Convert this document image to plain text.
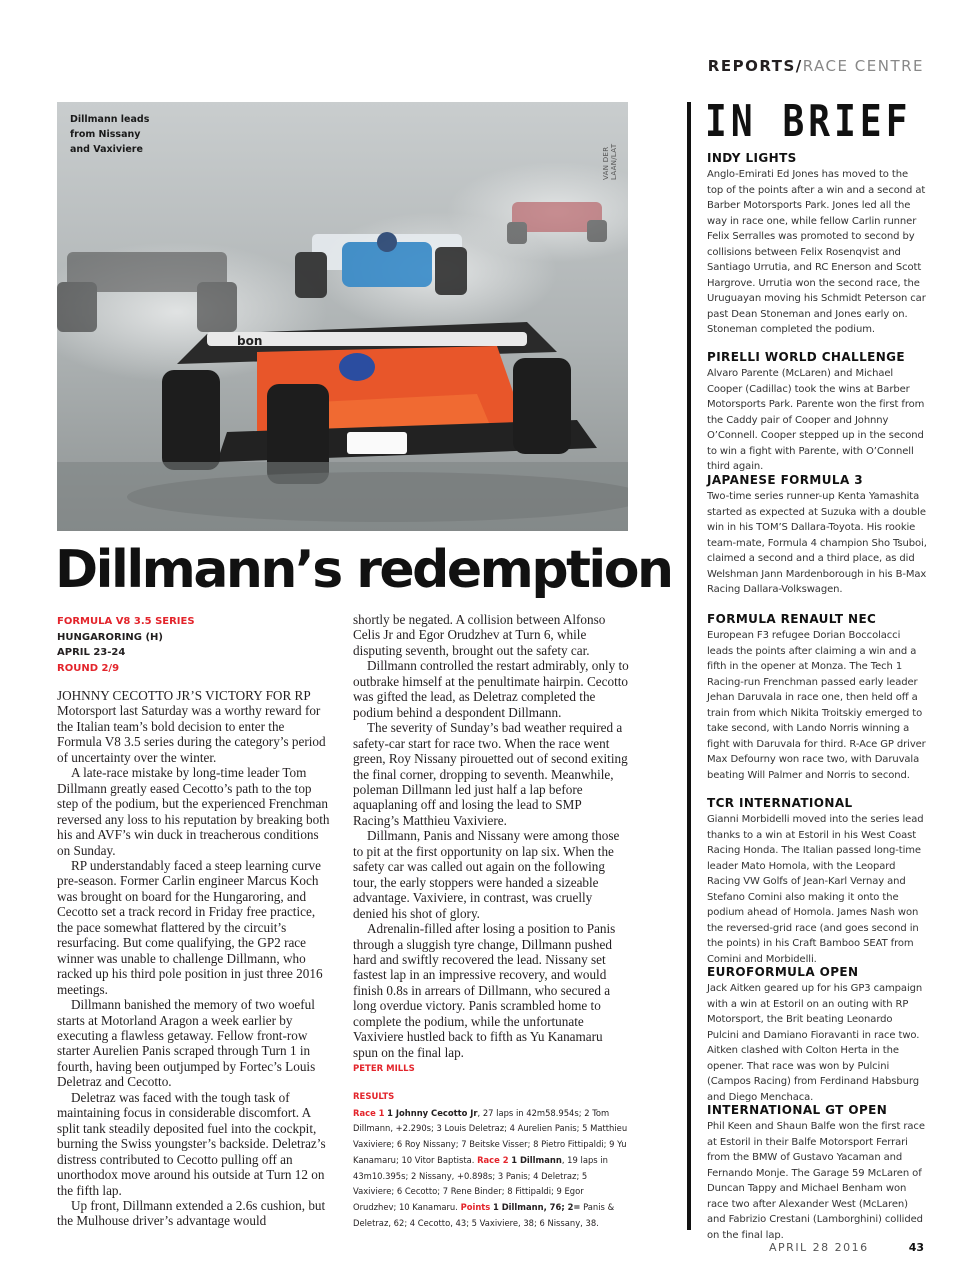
REPORTS/RACE CENTRE
bon
Dillmann leads from Nissany and Vaxiviere	VAN DER LAAN/LAT
Dillmann’s redemption
FORMULA V8 3.5 SERIES
HUNGARORING (H)
APRIL 23-24
ROUND 2/9

JOHNNY CECOTTO JR’S VICTORY FOR RP Motorsport last Saturday was a worthy reward for the Italian team’s bold decision to enter the Formula V8 3.5 series during the category’s period of uncertainty over the winter.

A late-race mistake by long-time leader Tom Dillmann greatly eased Cecotto’s path to the top step of the podium, but the experienced Frenchman reversed any loss to his reputation by breaking both his and AVF’s win duck in treacherous conditions on Sunday.

RP understandably faced a steep learning curve pre-season. Former Carlin engineer Marcus Koch was brought on board for the Hungaroring, and Cecotto set a track record in Friday free practice, the pace somewhat flattered by the circuit’s resurfacing. But come qualifying, the GP2 race winner was unable to challenge Dillmann, who racked up his third pole position in just three 2016 meetings.

Dillmann banished the memory of two woeful starts at Motorland Aragon a week earlier by executing a flawless getaway. Fellow front-row starter Aurelien Panis scraped through Turn 1 in fourth, having been outjumped by Fortec’s Louis Deletraz and Cecotto.

Deletraz was faced with the tough task of maintaining focus in considerable discomfort. A split tank steadily deposited fuel into the cockpit, burning the Swiss youngster’s backside. Deletraz’s distress contributed to Cecotto pulling off an unorthodox move around his outside at Turn 12 on the fifth lap.

Up front, Dillmann extended a 2.6s cushion, but the Mulhouse driver’s advantage would

shortly be negated. A collision between Alfonso Celis Jr and Egor Orudzhev at Turn 6, while disputing seventh, brought out the safety car.

Dillmann controlled the restart admirably, only to outbrake himself at the penultimate hairpin. Cecotto was gifted the lead, as Deletraz completed the podium behind a despondent Dillmann.

The severity of Sunday’s bad weather required a safety-car start for race two. When the race went green, Roy Nissany pirouetted out of second exiting the final corner, dropping to seventh. Meanwhile, poleman Dillmann led just half a lap before aquaplaning off and losing the lead to SMP Racing’s Matthieu Vaxiviere.

Dillmann, Panis and Nissany were among those to pit at the first opportunity on lap six. When the safety car was called out again on the following tour, the early stoppers were handed a sizeable advantage. Vaxiviere, in contrast, was cruelly denied his shot of glory.

Adrenalin-filled after losing a position to Panis through a sluggish tyre change, Dillmann pushed hard and swiftly recovered the lead. Nissany set fastest lap in an impressive recovery, and would finish 0.8s in arrears of Dillmann, who secured a long overdue victory. Panis scrambled home to complete the podium, while the unfortunate Vaxiviere hustled back to fifth as Yu Kanamaru spun on the final lap.

PETER MILLS
RESULTS
Race 1 1 Johnny Cecotto Jr, 27 laps in 42m58.954s; 2 Tom Dillmann, +2.290s; 3 Louis Deletraz; 4 Aurelien Panis; 5 Matthieu Vaxiviere; 6 Roy Nissany; 7 Beitske Visser; 8 Pietro Fittipaldi; 9 Yu Kanamaru; 10 Vitor Baptista. Race 2 1 Dillmann, 19 laps in 43m10.395s; 2 Nissany, +0.898s; 3 Panis; 4 Deletraz; 5 Vaxiviere; 6 Cecotto; 7 Rene Binder; 8 Fittipaldi; 9 Egor Orudzhev; 10 Kanamaru. Points 1 Dillmann, 76; 2= Panis & Deletraz, 62; 4 Cecotto, 43; 5 Vaxiviere, 38; 6 Nissany, 38.
IN BRIEF
INDY LIGHTS

Anglo-Emirati Ed Jones has moved to the top of the points after a win and a second at Barber Motorsports Park. Jones led all the way in race one, while fellow Carlin runner Felix Serralles was promoted to second by collisions between Felix Rosenqvist and Santiago Urrutia, and RC Enerson and Scott Hargrove. Urrutia won the second race, the Uruguayan moving his Schmidt Peterson car past Dean Stoneman and Jones early on. Stoneman completed the podium.

PIRELLI WORLD CHALLENGE

Alvaro Parente (McLaren) and Michael Cooper (Cadillac) took the wins at Barber Motorsports Park. Parente won the first from the Caddy pair of Cooper and Johnny O’Connell. Cooper stepped up in the second to win a fight with Parente, with O’Connell third again.

JAPANESE FORMULA 3

Two-time series runner-up Kenta Yamashita started as expected at Suzuka with a double win in his TOM’S Dallara-Toyota. His rookie team-mate, Formula 4 champion Sho Tsuboi, claimed a second and a third place, as did Welshman Jann Mardenborough in his B-Max Racing Dallara-Volkswagen.

FORMULA RENAULT NEC

European F3 refugee Dorian Boccolacci leads the points after claiming a win and a fifth in the opener at Monza. The Tech 1 Racing-run Frenchman passed early leader Jehan Daruvala in race one, then held off a train from which Nikita Troitskiy emerged to take second, with Lando Norris winning a fight with Daruvala for third. R-Ace GP driver Max Defourny won race two, with Daruvala beating Will Palmer and Norris to second.

TCR INTERNATIONAL

Gianni Morbidelli moved into the series lead thanks to a win at Estoril in his West Coast Racing Honda. The Italian passed long-time leader Mato Homola, with the Leopard Racing VW Golfs of Jean-Karl Vernay and Stefano Comini also making it onto the podium ahead of Homola. James Nash won the reversed-grid race (and goes second in the points) in his Craft Bamboo SEAT from Comini and Morbidelli.

EUROFORMULA OPEN

Jack Aitken geared up for his GP3 campaign with a win at Estoril on an outing with RP Motorsport, the Brit beating Leonardo Pulcini and Damiano Fioravanti in race two. Aitken clashed with Colton Herta in the opener. That race was won by Pulcini (Campos Racing) from Ferdinand Habsburg and Diego Menchaca.

INTERNATIONAL GT OPEN

Phil Keen and Shaun Balfe won the first race at Estoril in their Balfe Motorsport Ferrari from the BMW of Gustavo Yacaman and Fernando Monje. The Garage 59 McLaren of Duncan Tappy and Michael Benham won race two after Alexander West (McLaren) and Fabrizio Crestani (Lamborghini) collided on the final lap.

APRIL 28 2016	43
